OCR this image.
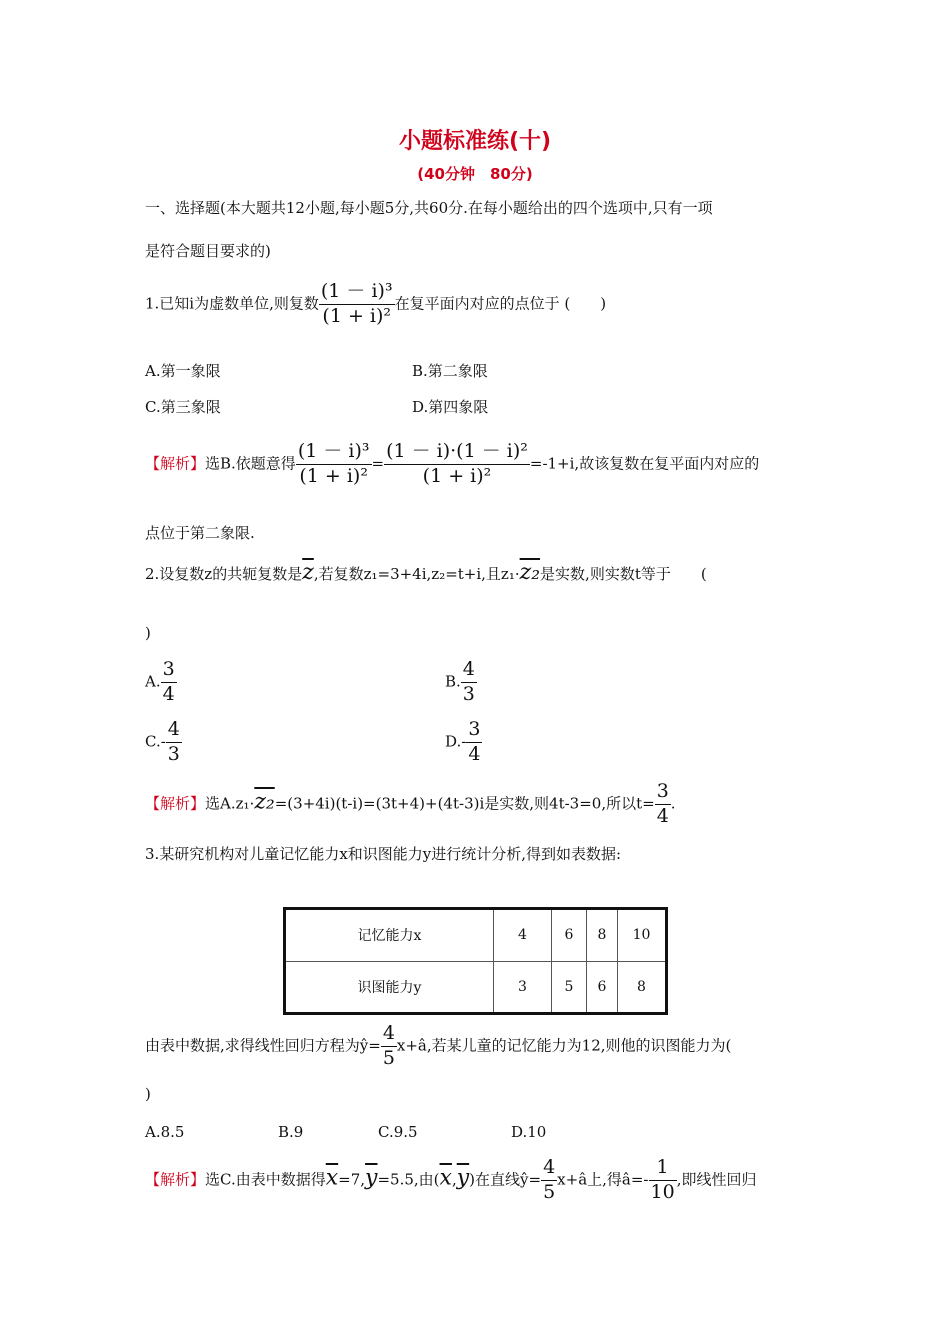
小题标准练(十)
(40分钟　80分)
一、选择题(本大题共12小题,每小题5分,共60分.在每小题给出的四个选项中,只有一项
是符合题目要求的)
1.已知i为虚数单位,则复数 $\frac{\text{(1 － i)³}}{\text{(1 + i)²}}$ 在复平面内对应的点位于 (　　)
A.第一象限	B.第二象限
C.第三象限	D.第四象限
【解析】选B.依题意得 $\frac{\text{(1 － i)³}}{\text{(1 + i)²}} = \frac{\text{(1 － i)·(1 － i)²}}{\text{(1 + i)²}} =-1+i$,故该复数在复平面内对应的
点位于第二象限.
2.设复数z的共轭复数是$\overline{z}$,若复数z₁=3+4i,z₂=t+i,且z₁·z₂是实数,则实数t等于　　(
)
A. $\frac{3}{4}$	B. $\frac{4}{3}$
$C.- \frac{4}{3}$	$D.- \frac{3}{4}$
【解析】选A.z₁·z₂=(3+4i)(t-i)=(3t+4)+(4t-3)i是实数,则4t-3=0,所以$t= \frac{3}{4}$ .
3.某研究机构对儿童记忆能力x和识图能力y进行统计分析,得到如表数据:
记忆能力x	4	6	8	10
识图能力y	3	5	6	8
由表中数据,求得线性回归方程为ŷ= $\frac{4}{5}$ x+â,若某儿童的记忆能力为12,则他的识图能力为(
)
A.8.5	B.9	C.9.5	D.10
【解析】选C.由表中数据得$\overline{x}=7,\overline{y}=5.5$,由$(\overline{x},\overline{y})$在直线ŷ= $\frac{4}{5}$ x+â上,得â=- $\frac{1}{10}$ ,即线性回归
